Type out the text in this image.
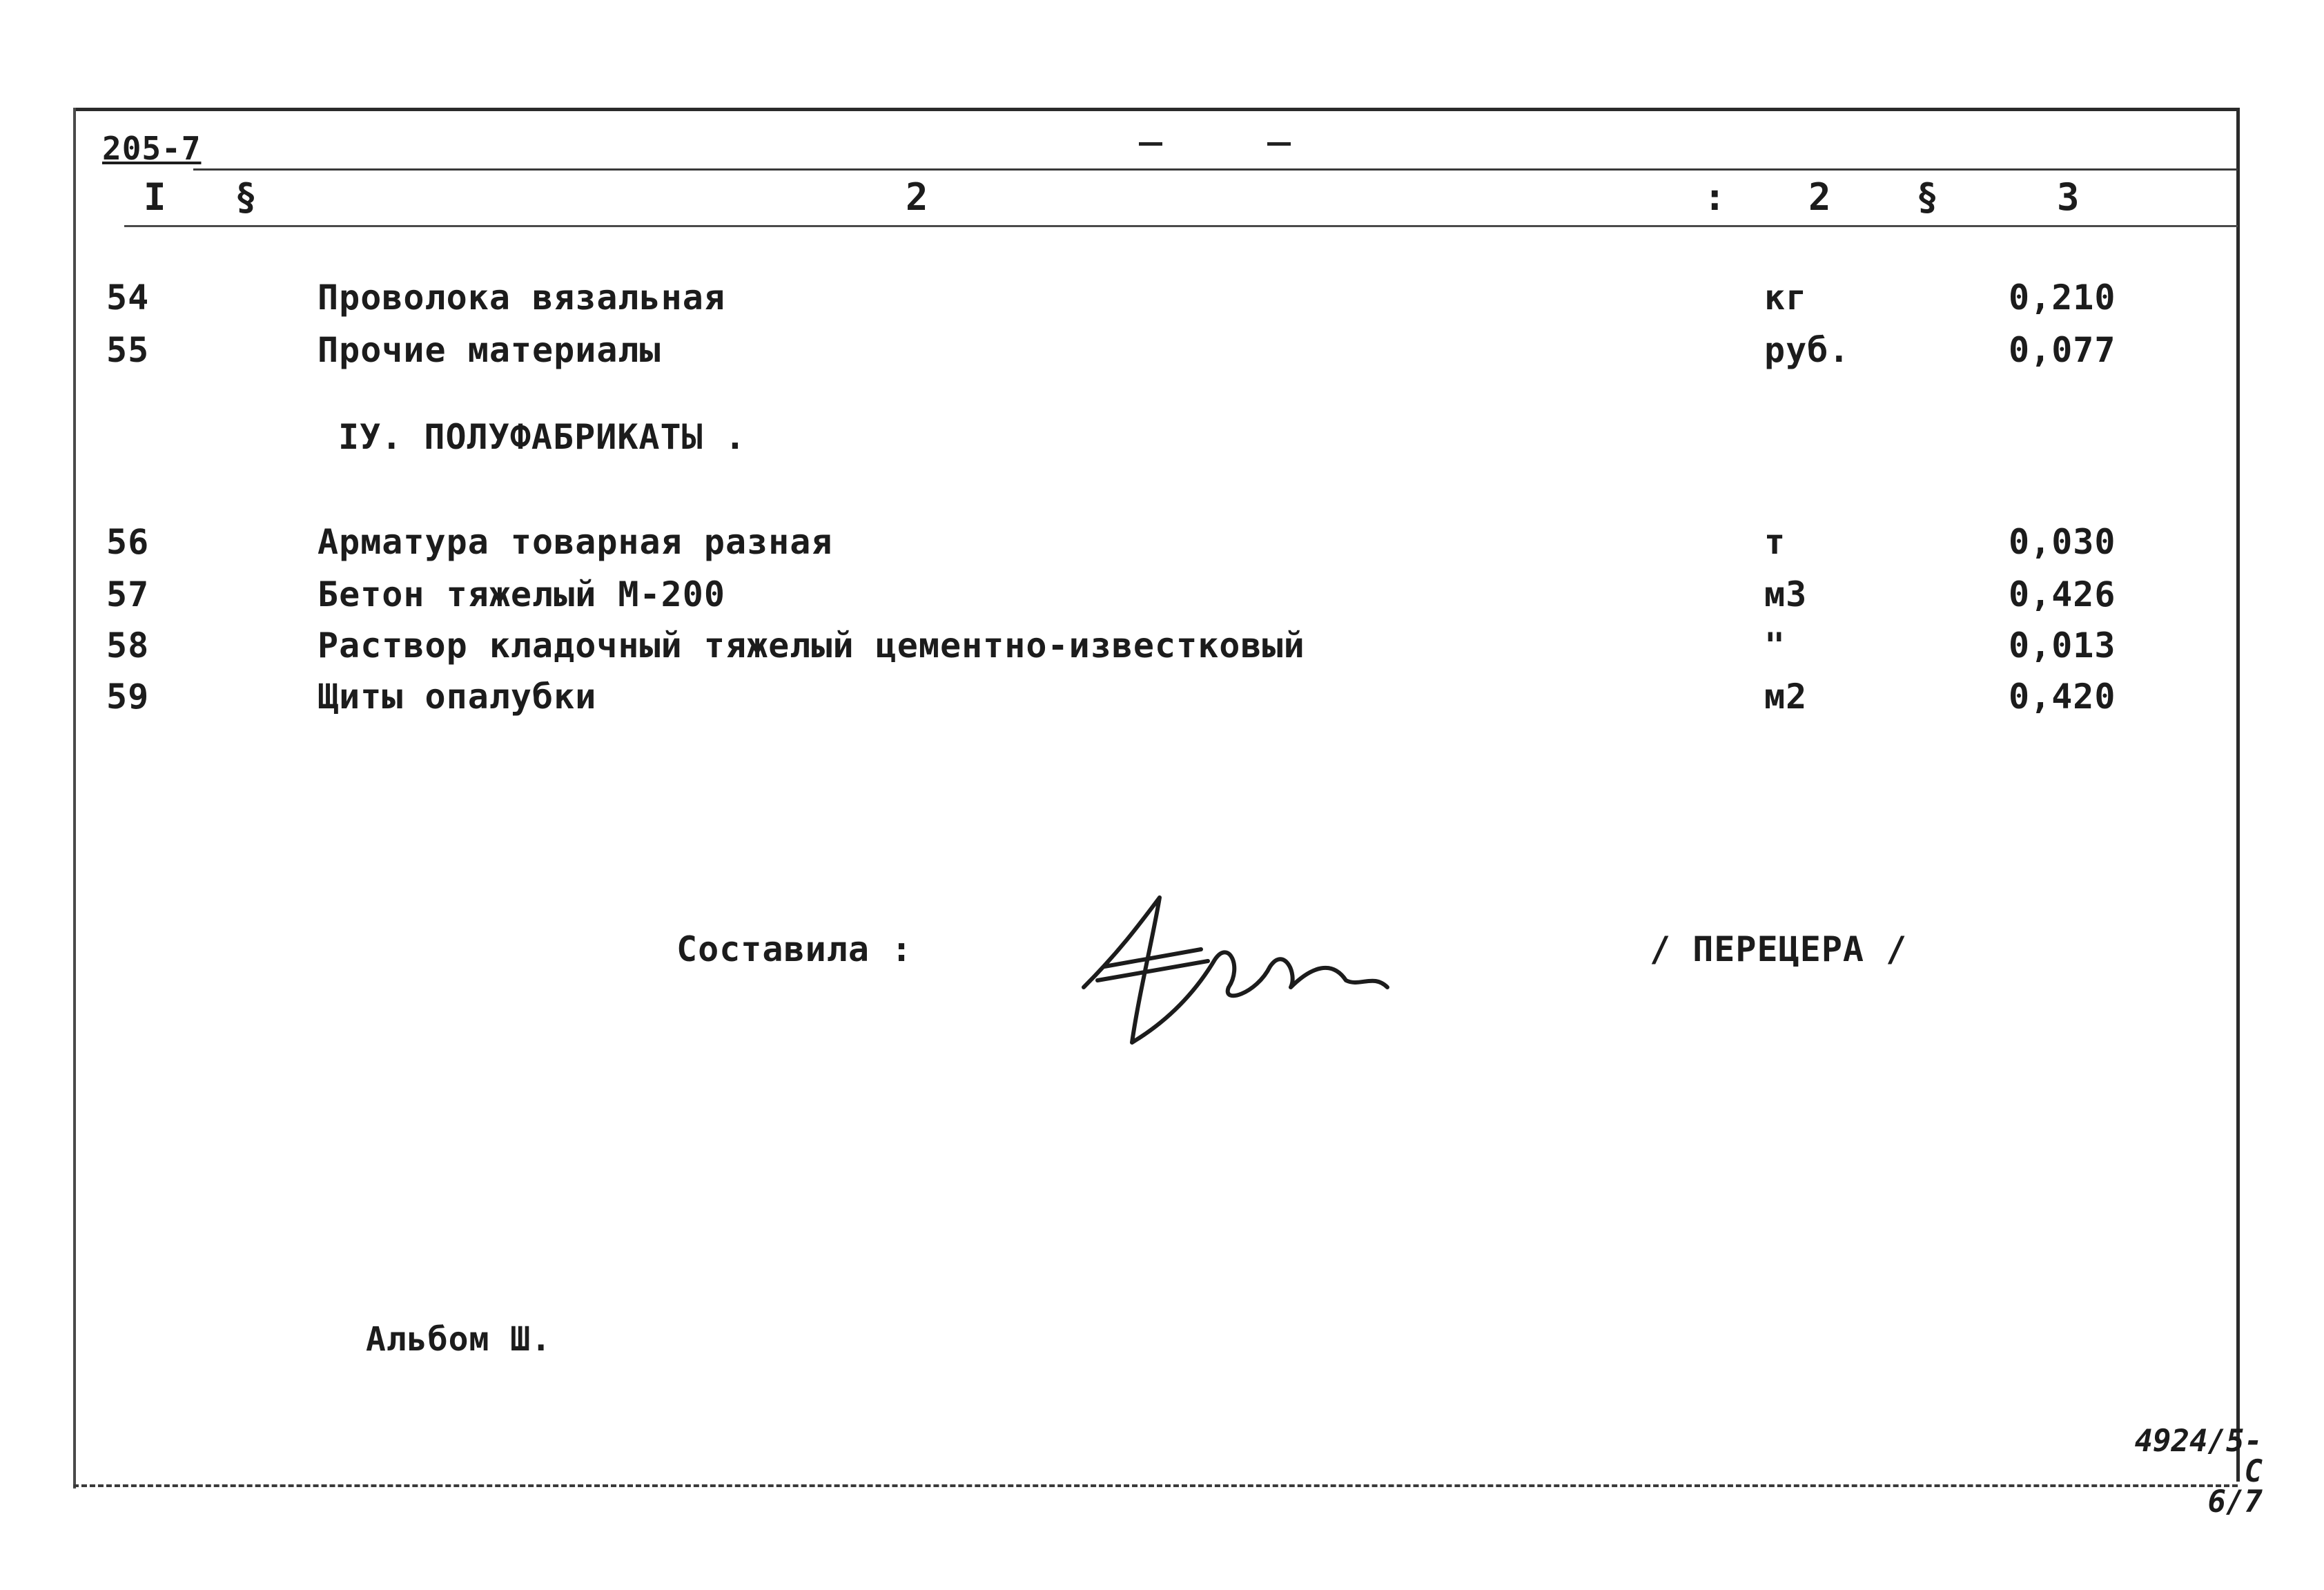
205-7
I §	2	: 2 §	3
54	Проволока вязальная	кг	0,210
55	Прочие материалы	руб.	0,077
IУ. ПОЛУФАБРИКАТЫ .
56	Арматура товарная разная	т	0,030
57	Бетон тяжелый М-200	м3	0,426
58	Раствор кладочный тяжелый цементно-известковый	"	0,013
59	Щиты опалубки	м2	0,420
Составила :	/ ПЕРЕЦЕРА /
Альбом Ш.
4924/5-С
6/7
